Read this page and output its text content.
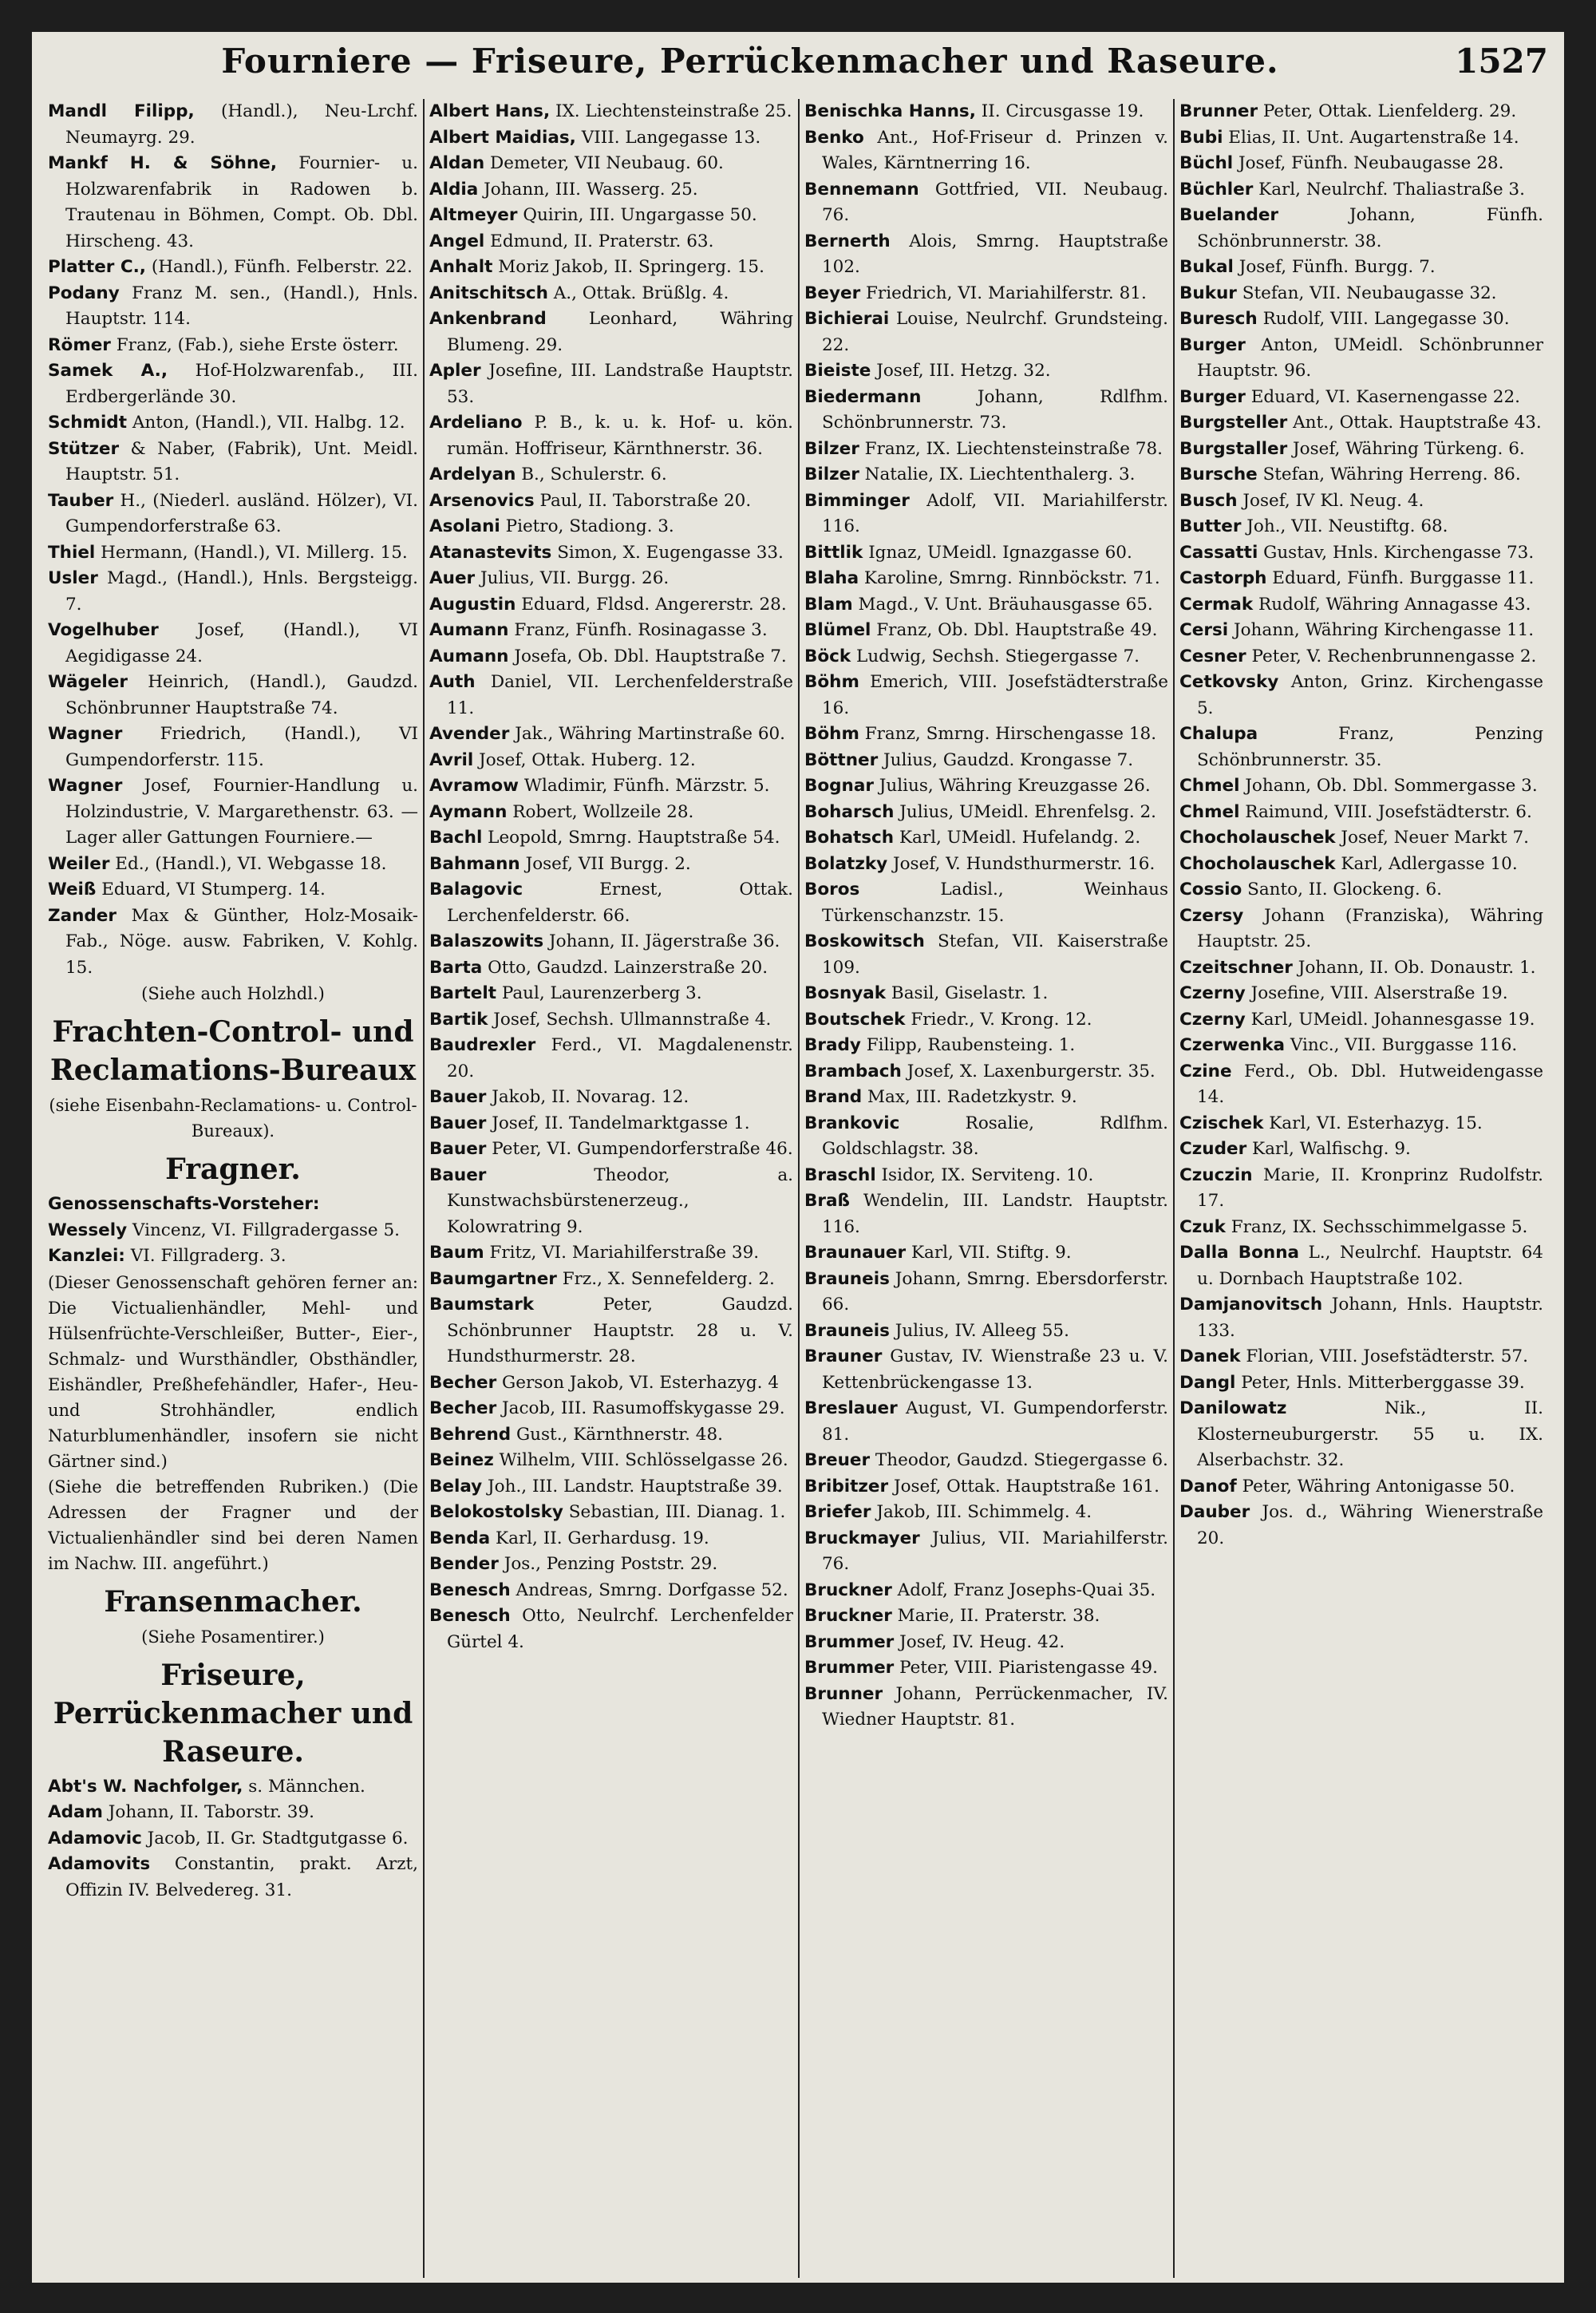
Fourniere — Friseure, Perrückenmacher und Raseure.	1527
Mandl Filipp, (Handl.), Neu-Lrchf. Neumayrg. 29.
Mankf H. & Söhne, Fournier- u. Holzwarenfabrik in Radowen b. Trautenau in Böhmen, Compt. Ob. Dbl. Hirscheng. 43.
Platter C., (Handl.), Fünfh. Felberstr. 22.
Podany Franz M. sen., (Handl.), Hnls. Hauptstr. 114.
Römer Franz, (Fab.), siehe Erste österr.
Samek A., Hof-Holzwarenfab., III. Erdbergerlände 30.
Schmidt Anton, (Handl.), VII. Halbg. 12.
Stützer & Naber, (Fabrik), Unt. Meidl. Hauptstr. 51.
Tauber H., (Niederl. ausländ. Hölzer), VI. Gumpendorferstraße 63.
Thiel Hermann, (Handl.), VI. Millerg. 15.
Usler Magd., (Handl.), Hnls. Bergsteigg. 7.
Vogelhuber Josef, (Handl.), VI Aegidigasse 24.
Wägeler Heinrich, (Handl.), Gaudzd. Schönbrunner Hauptstraße 74.
Wagner Friedrich, (Handl.), VI Gumpendorferstr. 115.
Wagner Josef, Fournier-Handlung u. Holzindustrie, V. Margarethenstr. 63. —Lager aller Gattungen Fourniere.—
Weiler Ed., (Handl.), VI. Webgasse 18.
Weiß Eduard, VI Stumperg. 14.
Zander Max & Günther, Holz-Mosaik-Fab., Nöge. ausw. Fabriken, V. Kohlg. 15.
(Siehe auch Holzhdl.)
Frachten-Control- und Reclamations-Bureaux
(siehe Eisenbahn-Reclamations- u. Control-Bureaux).
Fragner.
Genossenschafts-Vorsteher:
Wessely Vincenz, VI. Fillgradergasse 5.
Kanzlei: VI. Fillgraderg. 3.
(Dieser Genossenschaft gehören ferner an: Die Victualienhändler, Mehl- und Hülsenfrüchte-Verschleißer, Butter-, Eier-, Schmalz- und Wursthändler, Obsthändler, Eishändler, Preßhefehändler, Hafer-, Heu- und Strohhändler, endlich Naturblumenhändler, insofern sie nicht Gärtner sind.)
(Siehe die betreffenden Rubriken.) (Die Adressen der Fragner und der Victualienhändler sind bei deren Namen im Nachw. III. angeführt.)
Fransenmacher.
(Siehe Posamentirer.)
Friseure, Perrückenmacher und Raseure.
Abt's W. Nachfolger, s. Männchen.
Adam Johann, II. Taborstr. 39.
Adamovic Jacob, II. Gr. Stadtgutgasse 6.
Adamovits Constantin, prakt. Arzt, Offizin IV. Belvedereg. 31.
Albert Hans, IX. Liechtensteinstraße 25.
Albert Maidias, VIII. Langegasse 13.
Aldan Demeter, VII Neubaug. 60.
Aldia Johann, III. Wasserg. 25.
Altmeyer Quirin, III. Ungargasse 50.
Angel Edmund, II. Praterstr. 63.
Anhalt Moriz Jakob, II. Springerg. 15.
Anitschitsch A., Ottak. Brüßlg. 4.
Ankenbrand Leonhard, Währing Blumeng. 29.
Apler Josefine, III. Landstraße Hauptstr. 53.
Ardeliano P. B., k. u. k. Hof- u. kön. rumän. Hoffriseur, Kärnthnerstr. 36.
Ardelyan B., Schulerstr. 6.
Arsenovics Paul, II. Taborstraße 20.
Asolani Pietro, Stadiong. 3.
Atanastevits Simon, X. Eugengasse 33.
Auer Julius, VII. Burgg. 26.
Augustin Eduard, Fldsd. Angererstr. 28.
Aumann Franz, Fünfh. Rosinagasse 3.
Aumann Josefa, Ob. Dbl. Hauptstraße 7.
Auth Daniel, VII. Lerchenfelderstraße 11.
Avender Jak., Währing Martinstraße 60.
Avril Josef, Ottak. Huberg. 12.
Avramow Wladimir, Fünfh. Märzstr. 5.
Aymann Robert, Wollzeile 28.
Bachl Leopold, Smrng. Hauptstraße 54.
Bahmann Josef, VII Burgg. 2.
Balagovic Ernest, Ottak. Lerchenfelderstr. 66.
Balaszowits Johann, II. Jägerstraße 36.
Barta Otto, Gaudzd. Lainzerstraße 20.
Bartelt Paul, Laurenzerberg 3.
Bartik Josef, Sechsh. Ullmannstraße 4.
Baudrexler Ferd., VI. Magdalenenstr. 20.
Bauer Jakob, II. Novarag. 12.
Bauer Josef, II. Tandelmarktgasse 1.
Bauer Peter, VI. Gumpendorferstraße 46.
Bauer Theodor, a. Kunstwachsbürstenerzeug., Kolowratring 9.
Baum Fritz, VI. Mariahilferstraße 39.
Baumgartner Frz., X. Sennefelderg. 2.
Baumstark Peter, Gaudzd. Schönbrunner Hauptstr. 28 u. V. Hundsthurmerstr. 28.
Becher Gerson Jakob, VI. Esterhazyg. 4
Becher Jacob, III. Rasumoffskygasse 29.
Behrend Gust., Kärnthnerstr. 48.
Beinez Wilhelm, VIII. Schlösselgasse 26.
Belay Joh., III. Landstr. Hauptstraße 39.
Belokostolsky Sebastian, III. Dianag. 1.
Benda Karl, II. Gerhardusg. 19.
Bender Jos., Penzing Poststr. 29.
Benesch Andreas, Smrng. Dorfgasse 52.
Benesch Otto, Neulrchf. Lerchenfelder Gürtel 4.
Benischka Hanns, II. Circusgasse 19.
Benko Ant., Hof-Friseur d. Prinzen v. Wales, Kärntnerring 16.
Bennemann Gottfried, VII. Neubaug. 76.
Bernerth Alois, Smrng. Hauptstraße 102.
Beyer Friedrich, VI. Mariahilferstr. 81.
Bichierai Louise, Neulrchf. Grundsteing. 22.
Bieiste Josef, III. Hetzg. 32.
Biedermann Johann, Rdlfhm. Schönbrunnerstr. 73.
Bilzer Franz, IX. Liechtensteinstraße 78.
Bilzer Natalie, IX. Liechtenthalerg. 3.
Bimminger Adolf, VII. Mariahilferstr. 116.
Bittlik Ignaz, UMeidl. Ignazgasse 60.
Blaha Karoline, Smrng. Rinnböckstr. 71.
Blam Magd., V. Unt. Bräuhausgasse 65.
Blümel Franz, Ob. Dbl. Hauptstraße 49.
Böck Ludwig, Sechsh. Stiegergasse 7.
Böhm Emerich, VIII. Josefstädterstraße 16.
Böhm Franz, Smrng. Hirschengasse 18.
Böttner Julius, Gaudzd. Krongasse 7.
Bognar Julius, Währing Kreuzgasse 26.
Boharsch Julius, UMeidl. Ehrenfelsg. 2.
Bohatsch Karl, UMeidl. Hufelandg. 2.
Bolatzky Josef, V. Hundsthurmerstr. 16.
Boros Ladisl., Weinhaus Türkenschanzstr. 15.
Boskowitsch Stefan, VII. Kaiserstraße 109.
Bosnyak Basil, Giselastr. 1.
Boutschek Friedr., V. Krong. 12.
Brady Filipp, Raubensteing. 1.
Brambach Josef, X. Laxenburgerstr. 35.
Brand Max, III. Radetzkystr. 9.
Brankovic Rosalie, Rdlfhm. Goldschlagstr. 38.
Braschl Isidor, IX. Serviteng. 10.
Braß Wendelin, III. Landstr. Hauptstr. 116.
Braunauer Karl, VII. Stiftg. 9.
Brauneis Johann, Smrng. Ebersdorferstr. 66.
Brauneis Julius, IV. Alleeg 55.
Brauner Gustav, IV. Wienstraße 23 u. V. Kettenbrückengasse 13.
Breslauer August, VI. Gumpendorferstr. 81.
Breuer Theodor, Gaudzd. Stiegergasse 6.
Bribitzer Josef, Ottak. Hauptstraße 161.
Briefer Jakob, III. Schimmelg. 4.
Bruckmayer Julius, VII. Mariahilferstr. 76.
Bruckner Adolf, Franz Josephs-Quai 35.
Bruckner Marie, II. Praterstr. 38.
Brummer Josef, IV. Heug. 42.
Brummer Peter, VIII. Piaristengasse 49.
Brunner Johann, Perrückenmacher, IV. Wiedner Hauptstr. 81.
Brunner Peter, Ottak. Lienfelderg. 29.
Bubi Elias, II. Unt. Augartenstraße 14.
Büchl Josef, Fünfh. Neubaugasse 28.
Büchler Karl, Neulrchf. Thaliastraße 3.
Buelander Johann, Fünfh. Schönbrunnerstr. 38.
Bukal Josef, Fünfh. Burgg. 7.
Bukur Stefan, VII. Neubaugasse 32.
Buresch Rudolf, VIII. Langegasse 30.
Burger Anton, UMeidl. Schönbrunner Hauptstr. 96.
Burger Eduard, VI. Kasernengasse 22.
Burgsteller Ant., Ottak. Hauptstraße 43.
Burgstaller Josef, Währing Türkeng. 6.
Bursche Stefan, Währing Herreng. 86.
Busch Josef, IV Kl. Neug. 4.
Butter Joh., VII. Neustiftg. 68.
Cassatti Gustav, Hnls. Kirchengasse 73.
Castorph Eduard, Fünfh. Burggasse 11.
Cermak Rudolf, Währing Annagasse 43.
Cersi Johann, Währing Kirchengasse 11.
Cesner Peter, V. Rechenbrunnengasse 2.
Cetkovsky Anton, Grinz. Kirchengasse 5.
Chalupa Franz, Penzing Schönbrunnerstr. 35.
Chmel Johann, Ob. Dbl. Sommergasse 3.
Chmel Raimund, VIII. Josefstädterstr. 6.
Chocholauschek Josef, Neuer Markt 7.
Chocholauschek Karl, Adlergasse 10.
Cossio Santo, II. Glockeng. 6.
Czersy Johann (Franziska), Währing Hauptstr. 25.
Czeitschner Johann, II. Ob. Donaustr. 1.
Czerny Josefine, VIII. Alserstraße 19.
Czerny Karl, UMeidl. Johannesgasse 19.
Czerwenka Vinc., VII. Burggasse 116.
Czine Ferd., Ob. Dbl. Hutweidengasse 14.
Czischek Karl, VI. Esterhazyg. 15.
Czuder Karl, Walfischg. 9.
Czuczin Marie, II. Kronprinz Rudolfstr. 17.
Czuk Franz, IX. Sechsschimmelgasse 5.
Dalla Bonna L., Neulrchf. Hauptstr. 64 u. Dornbach Hauptstraße 102.
Damjanovitsch Johann, Hnls. Hauptstr. 133.
Danek Florian, VIII. Josefstädterstr. 57.
Dangl Peter, Hnls. Mitterberggasse 39.
Danilowatz Nik., II. Klosterneuburgerstr. 55 u. IX. Alserbachstr. 32.
Danof Peter, Währing Antonigasse 50.
Dauber Jos. d., Währing Wienerstraße 20.
